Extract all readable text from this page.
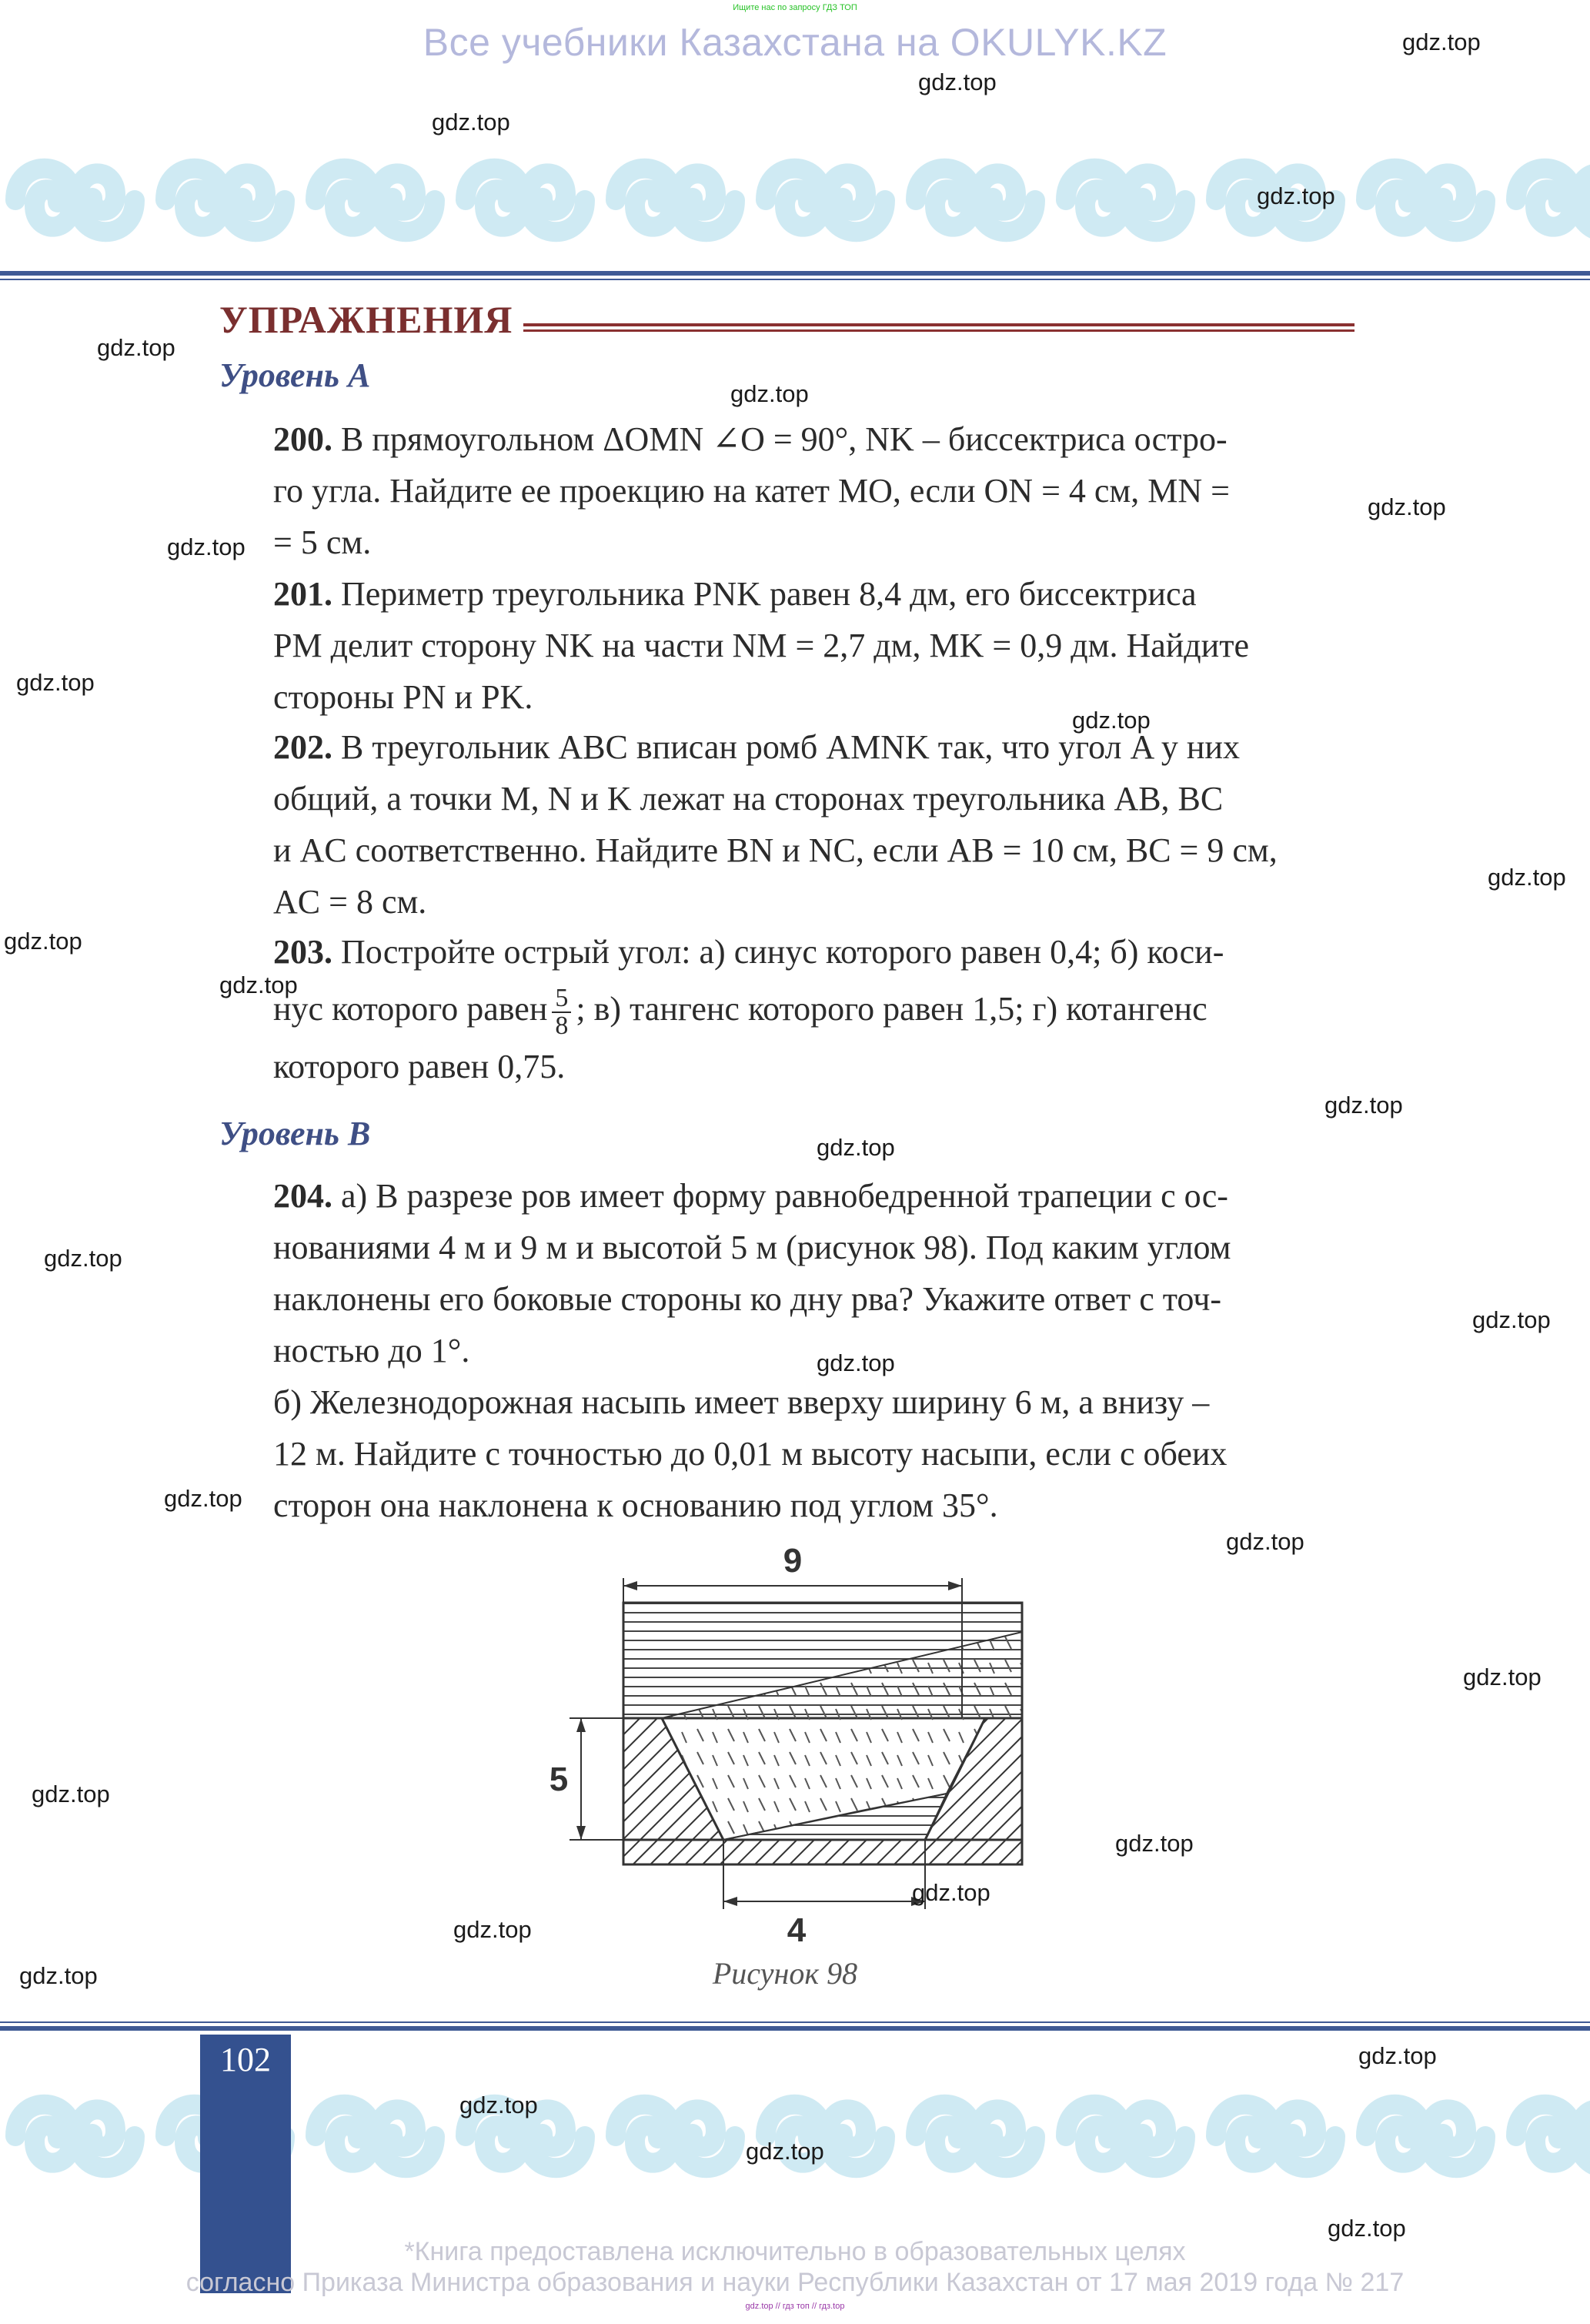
Ищите нас по запросу ГДЗ ТОП
Все учебники Казахстана на OKULYK.KZ
УПРАЖНЕНИЯ
Уровень А
200. В прямоугольном ΔOMN ∠O = 90°, NK – биссектриса остро-
го угла. Найдите ее проекцию на катет MO, если ON = 4 см, MN =
= 5 см.
201. Периметр треугольника PNK равен 8,4 дм, его биссектриса
PM делит сторону NK на части NM = 2,7 дм, MK = 0,9 дм. Найдите
стороны PN и PK.
202. В треугольник ABC вписан ромб AMNK так, что угол A у них
общий, а точки M, N и K лежат на сторонах треугольника AB, BC
и AC соответственно. Найдите BN и NC, если AB = 10 см, BC = 9 см,
AC = 8 см.
203. Постройте острый угол: а) синус которого равен 0,4; б) коси-
нус которого равен $\frac{5}{8}$ ; в) тангенс которого равен 1,5; г) котангенс
которого равен 0,75.
Уровень В
204. а) В разрезе ров имеет форму равнобедренной трапеции с ос-
нованиями 4 м и 9 м и высотой 5 м (рисунок 98). Под каким углом
наклонены его боковые стороны ко дну рва? Укажите ответ с точ-
ностью до 1°.
б) Железнодорожная насыпь имеет вверху ширину 6 м, а внизу –
12 м. Найдите с точностью до 0,01 м высоту насыпи, если с обеих
сторон она наклонена к основанию под углом 35°.
9
5
4
Рисунок 98
102
*Книга предоставлена исключительно в образовательных целях
согласно Приказа Министра образования и науки Республики Казахстан от 17 мая 2019 года № 217
gdz.top // гдз топ // гдз.top
gdz.top
gdz.top
gdz.top
gdz.top
gdz.top
gdz.top
gdz.top
gdz.top
gdz.top
gdz.top
gdz.top
gdz.top
gdz.top
gdz.top
gdz.top
gdz.top
gdz.top
gdz.top
gdz.top
gdz.top
gdz.top
gdz.top
gdz.top
gdz.top
gdz.top
gdz.top
gdz.top
gdz.top
gdz.top
gdz.top
